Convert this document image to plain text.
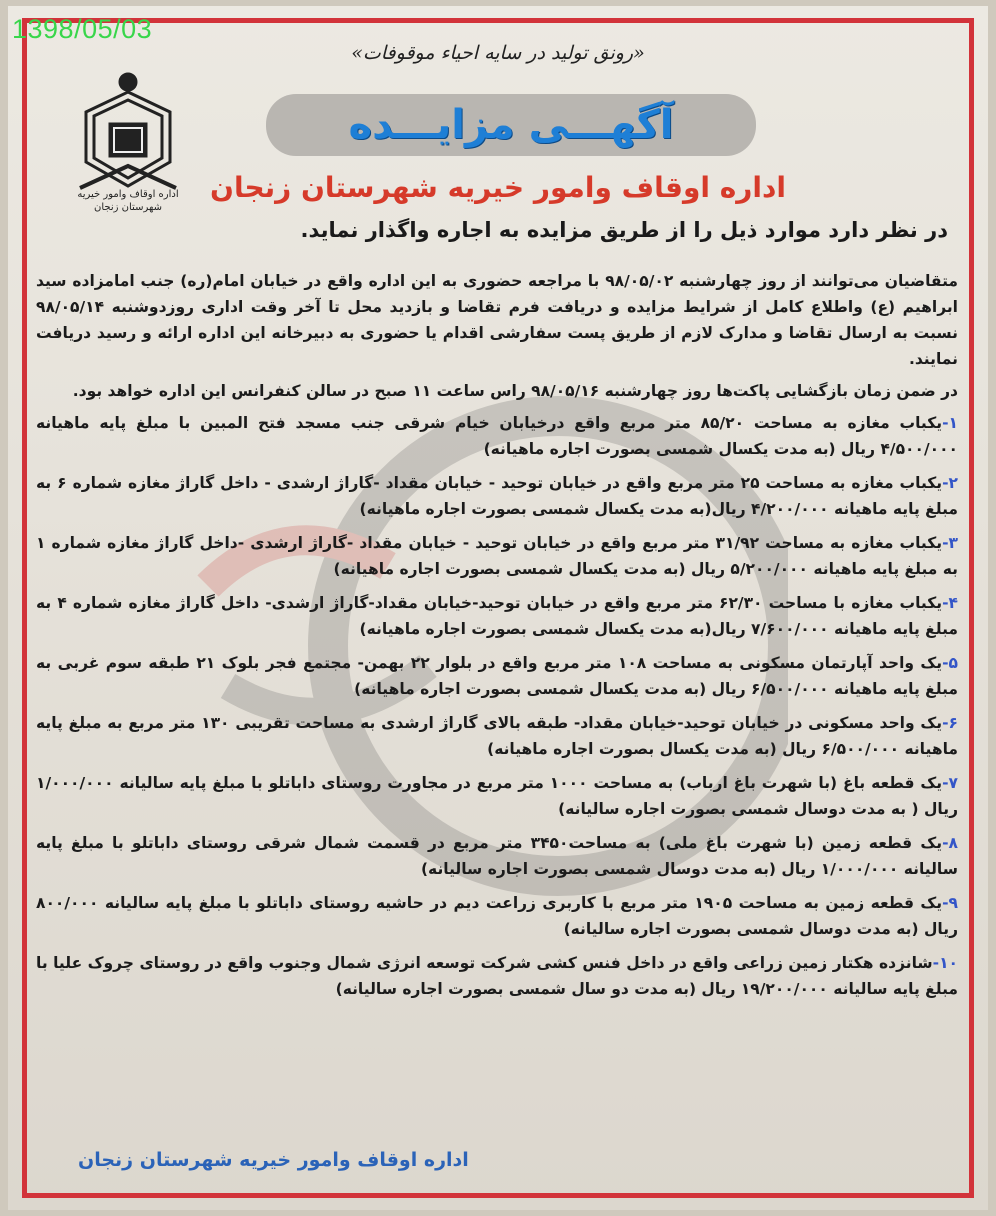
«رونق تولید در سایه احیاء موقوفات»
اداره اوقاف وامور خیریه شهرستان زنجان
آگهـــی مزایـــده
اداره اوقاف وامور خیریه شهرستان زنجان
در نظر دارد موارد ذیل را از طریق مزایده به اجاره واگذار نماید.

متقاضیان می‌توانند از روز چهارشنبه ۹۸/۰۵/۰۲ با مراجعه حضوری به این اداره واقع در خیابان امام(ره) جنب امامزاده سید ابراهیم (ع) واطلاع کامل از شرایط مزایده و دریافت فرم تقاضا و بازدید محل تا آخر وقت اداری روزدوشنبه ۹۸/۰۵/۱۴ نسبت به ارسال تقاضا و مدارک لازم از طریق پست سفارشی اقدام یا حضوری به دبیرخانه این اداره ارائه و رسید دریافت نمایند.

در ضمن زمان بازگشایی پاکت‌ها روز چهارشنبه ۹۸/۰۵/۱۶ راس ساعت ۱۱ صبح در سالن کنفرانس این اداره خواهد بود.

۱-یکباب مغازه به مساحت ۸۵/۲۰ متر مربع واقع درخیابان خیام شرقی جنب مسجد فتح المبین با مبلغ پایه ماهیانه ۴/۵۰۰/۰۰۰ ریال (به مدت یکسال شمسی بصورت اجاره ماهیانه)
۲-یکباب مغازه به مساحت ۲۵ متر مربع واقع در خیابان توحید - خیابان مقداد -گاراژ ارشدی - داخل گاراژ مغازه شماره ۶ به مبلغ پایه ماهیانه ۴/۲۰۰/۰۰۰ ریال(به مدت یکسال شمسی بصورت اجاره ماهیانه)
۳-یکباب مغازه به مساحت ۳۱/۹۲ متر مربع واقع در خیابان توحید - خیابان مقداد -گاراژ ارشدی -داخل گاراژ مغازه شماره ۱ به مبلغ پایه ماهیانه ۵/۲۰۰/۰۰۰ ریال (به مدت یکسال شمسی بصورت اجاره ماهیانه)
۴-یکباب مغازه با مساحت ۶۲/۳۰ متر مربع واقع در خیابان توحید-خیابان مقداد-گاراژ ارشدی- داخل گاراژ مغازه شماره ۴ به مبلغ پایه ماهیانه ۷/۶۰۰/۰۰۰ ریال(به مدت یکسال شمسی بصورت اجاره ماهیانه)
۵-یک واحد آپارتمان مسکونی به مساحت ۱۰۸ متر مربع واقع در بلوار ۲۲ بهمن- مجتمع فجر بلوک ۲۱ طبقه سوم غربی به مبلغ پایه ماهیانه ۶/۵۰۰/۰۰۰ ریال (به مدت یکسال شمسی بصورت اجاره ماهیانه)
۶-یک واحد مسکونی در خیابان توحید-خیابان مقداد- طبقه بالای گاراژ ارشدی به مساحت تقریبی ۱۳۰ متر مربع به مبلغ پایه ماهیانه ۶/۵۰۰/۰۰۰ ریال (به مدت یکسال بصورت اجاره ماهیانه)
۷-یک قطعه باغ (با شهرت باغ ارباب) به مساحت ۱۰۰۰ متر مربع در مجاورت روستای داباتلو با مبلغ پایه سالیانه ۱/۰۰۰/۰۰۰ ریال ( به مدت دوسال شمسی بصورت اجاره سالیانه)
۸-یک قطعه زمین (با شهرت باغ ملی) به مساحت۳۴۵۰ متر مربع در قسمت شمال شرقی روستای داباتلو با مبلغ پایه سالیانه ۱/۰۰۰/۰۰۰ ریال (به مدت دوسال شمسی بصورت اجاره سالیانه)
۹-یک قطعه زمین به مساحت ۱۹۰۵ متر مربع با کاربری زراعت دیم در حاشیه روستای داباتلو با مبلغ پایه سالیانه ۸۰۰/۰۰۰ ریال (به مدت دوسال شمسی بصورت اجاره سالیانه)
۱۰-شانزده هکتار زمین زراعی واقع در داخل فنس کشی شرکت توسعه انرژی شمال وجنوب واقع در روستای چروک علیا با مبلغ پایه سالیانه ۱۹/۲۰۰/۰۰۰ ریال (به مدت دو سال شمسی بصورت اجاره سالیانه)
اداره اوقاف وامور خیریه شهرستان زنجان
1398/05/03
